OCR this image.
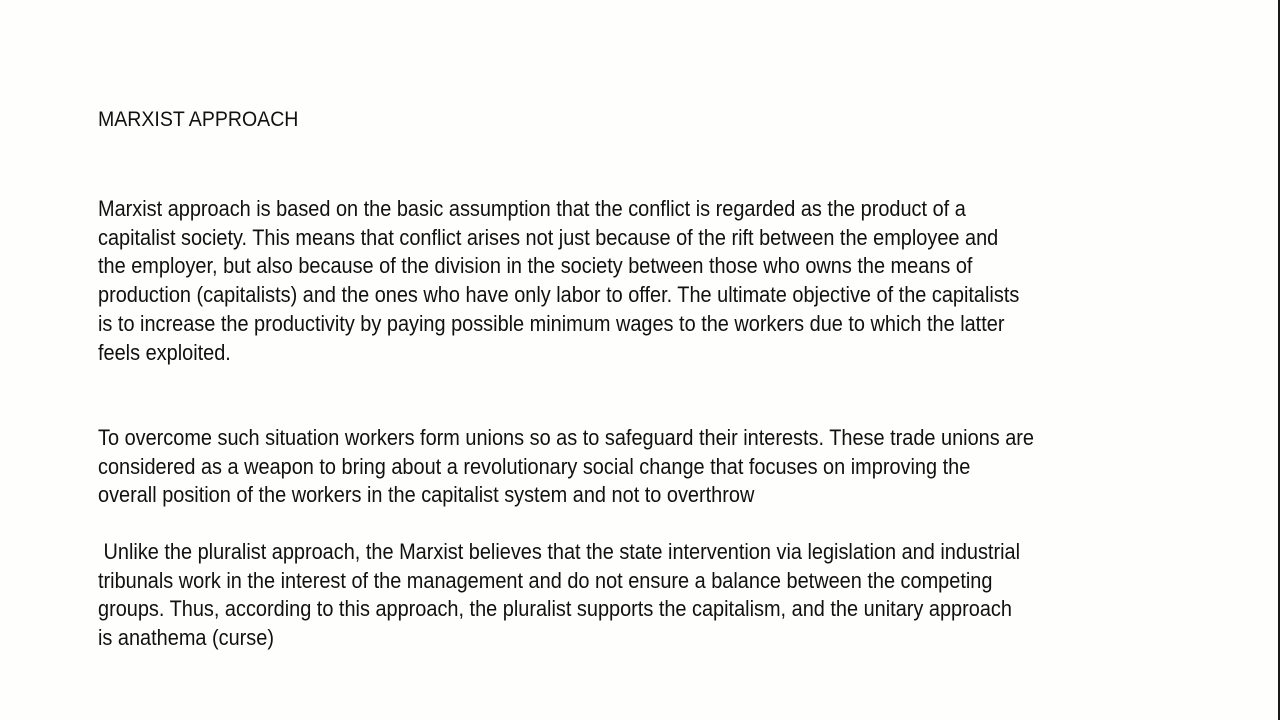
MARXIST APPROACH
Marxist approach is based on the basic assumption that the conflict is regarded as the product of a
capitalist society. This means that conflict arises not just because of the rift between the employee and
the employer, but also because of the division in the society between those who owns the means of
production (capitalists) and the ones who have only labor to offer. The ultimate objective of the capitalists
is to increase the productivity by paying possible minimum wages to the workers due to which the latter
feels exploited.
To overcome such situation workers form unions so as to safeguard their interests. These trade unions are
considered as a weapon to bring about a revolutionary social change that focuses on improving the
overall position of the workers in the capitalist system and not to overthrow
Unlike the pluralist approach, the Marxist believes that the state intervention via legislation and industrial
tribunals work in the interest of the management and do not ensure a balance between the competing
groups. Thus, according to this approach, the pluralist supports the capitalism, and the unitary approach
is anathema (curse)
